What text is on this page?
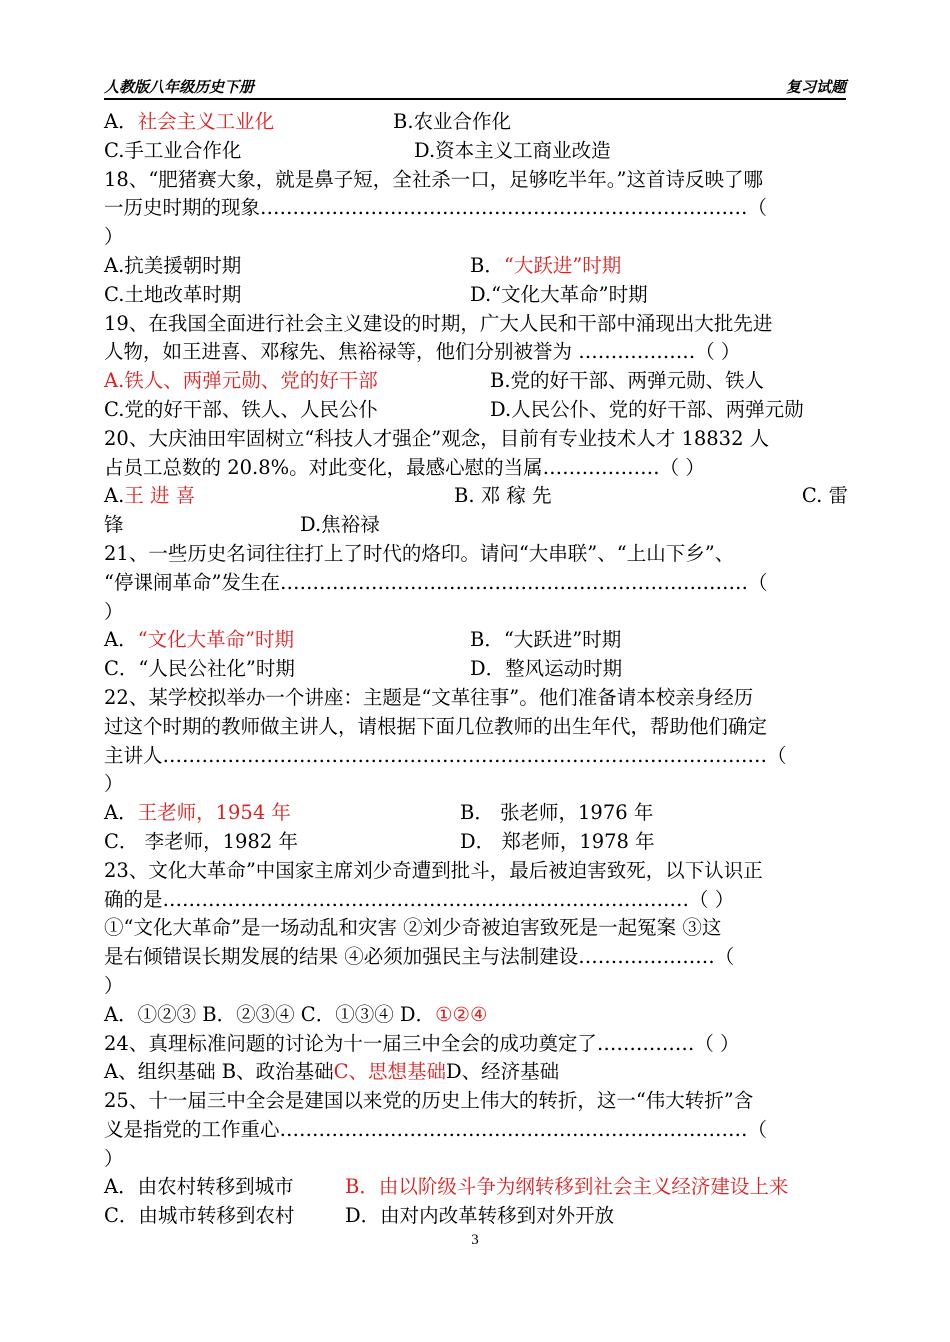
人教版八年级历史下册	复习试题
A．社会主义工业化	B.农业合作化
C.手工业合作化	D.资本主义工商业改造
18、“肥猪赛大象，就是鼻子短，全社杀一口，足够吃半年。”这首诗反映了哪
一历史时期的现象…………………………………………………………………（
）
A.抗美援朝时期	B．“大跃进”时期
C.土地改革时期	D.“文化大革命”时期
19、在我国全面进行社会主义建设的时期，广大人民和干部中涌现出大批先进
人物，如王进喜、邓稼先、焦裕禄等，他们分别被誉为 ………………（ ）
A.铁人、两弹元勋、党的好干部	B.党的好干部、两弹元勋、铁人
C.党的好干部、铁人、人民公仆	D.人民公仆、党的好干部、两弹元勋
20、大庆油田牢固树立“科技人才强企”观念，目前有专业技术人才 18832 人
占员工总数的 20.8%。对此变化，最感心慰的当属………………（ ）
A.王 进 喜	B. 邓 稼 先	C. 雷
锋	D.焦裕禄
21、一些历史名词往往打上了时代的烙印。请问“大串联”、“上山下乡”、
“停课闹革命”发生在………………………………………………………………（
）
A．“文化大革命”时期	B．“大跃进”时期
C．“人民公社化”时期	D．整风运动时期
22、某学校拟举办一个讲座：主题是“文革往事”。他们准备请本校亲身经历
过这个时期的教师做主讲人，请根据下面几位教师的出生年代，帮助他们确定
主讲人…………………………………………………………………………………（
）
A．王老师，1954 年	B． 张老师，1976 年
C． 李老师，1982 年	D． 郑老师，1978 年
23、文化大革命”中国家主席刘少奇遭到批斗，最后被迫害致死，以下认识正
确的是………………………………………………………………………（ ）
①“文化大革命”是一场动乱和灾害 ②刘少奇被迫害致死是一起冤案 ③这
是右倾错误长期发展的结果 ④必须加强民主与法制建设…………………（
）
A．①②③ B．②③④ C．①③④ D．①②④
24、真理标准问题的讨论为十一届三中全会的成功奠定了……………（ ）
A、组织基础 B、政治基础C、思想基础D、经济基础
25、十一届三中全会是建国以来党的历史上伟大的转折，这一“伟大转折”含
义是指党的工作重心………………………………………………………………（
）
A．由农村转移到城市	B．由以阶级斗争为纲转移到社会主义经济建设上来
C．由城市转移到农村	D．由对内改革转移到对外开放
3
